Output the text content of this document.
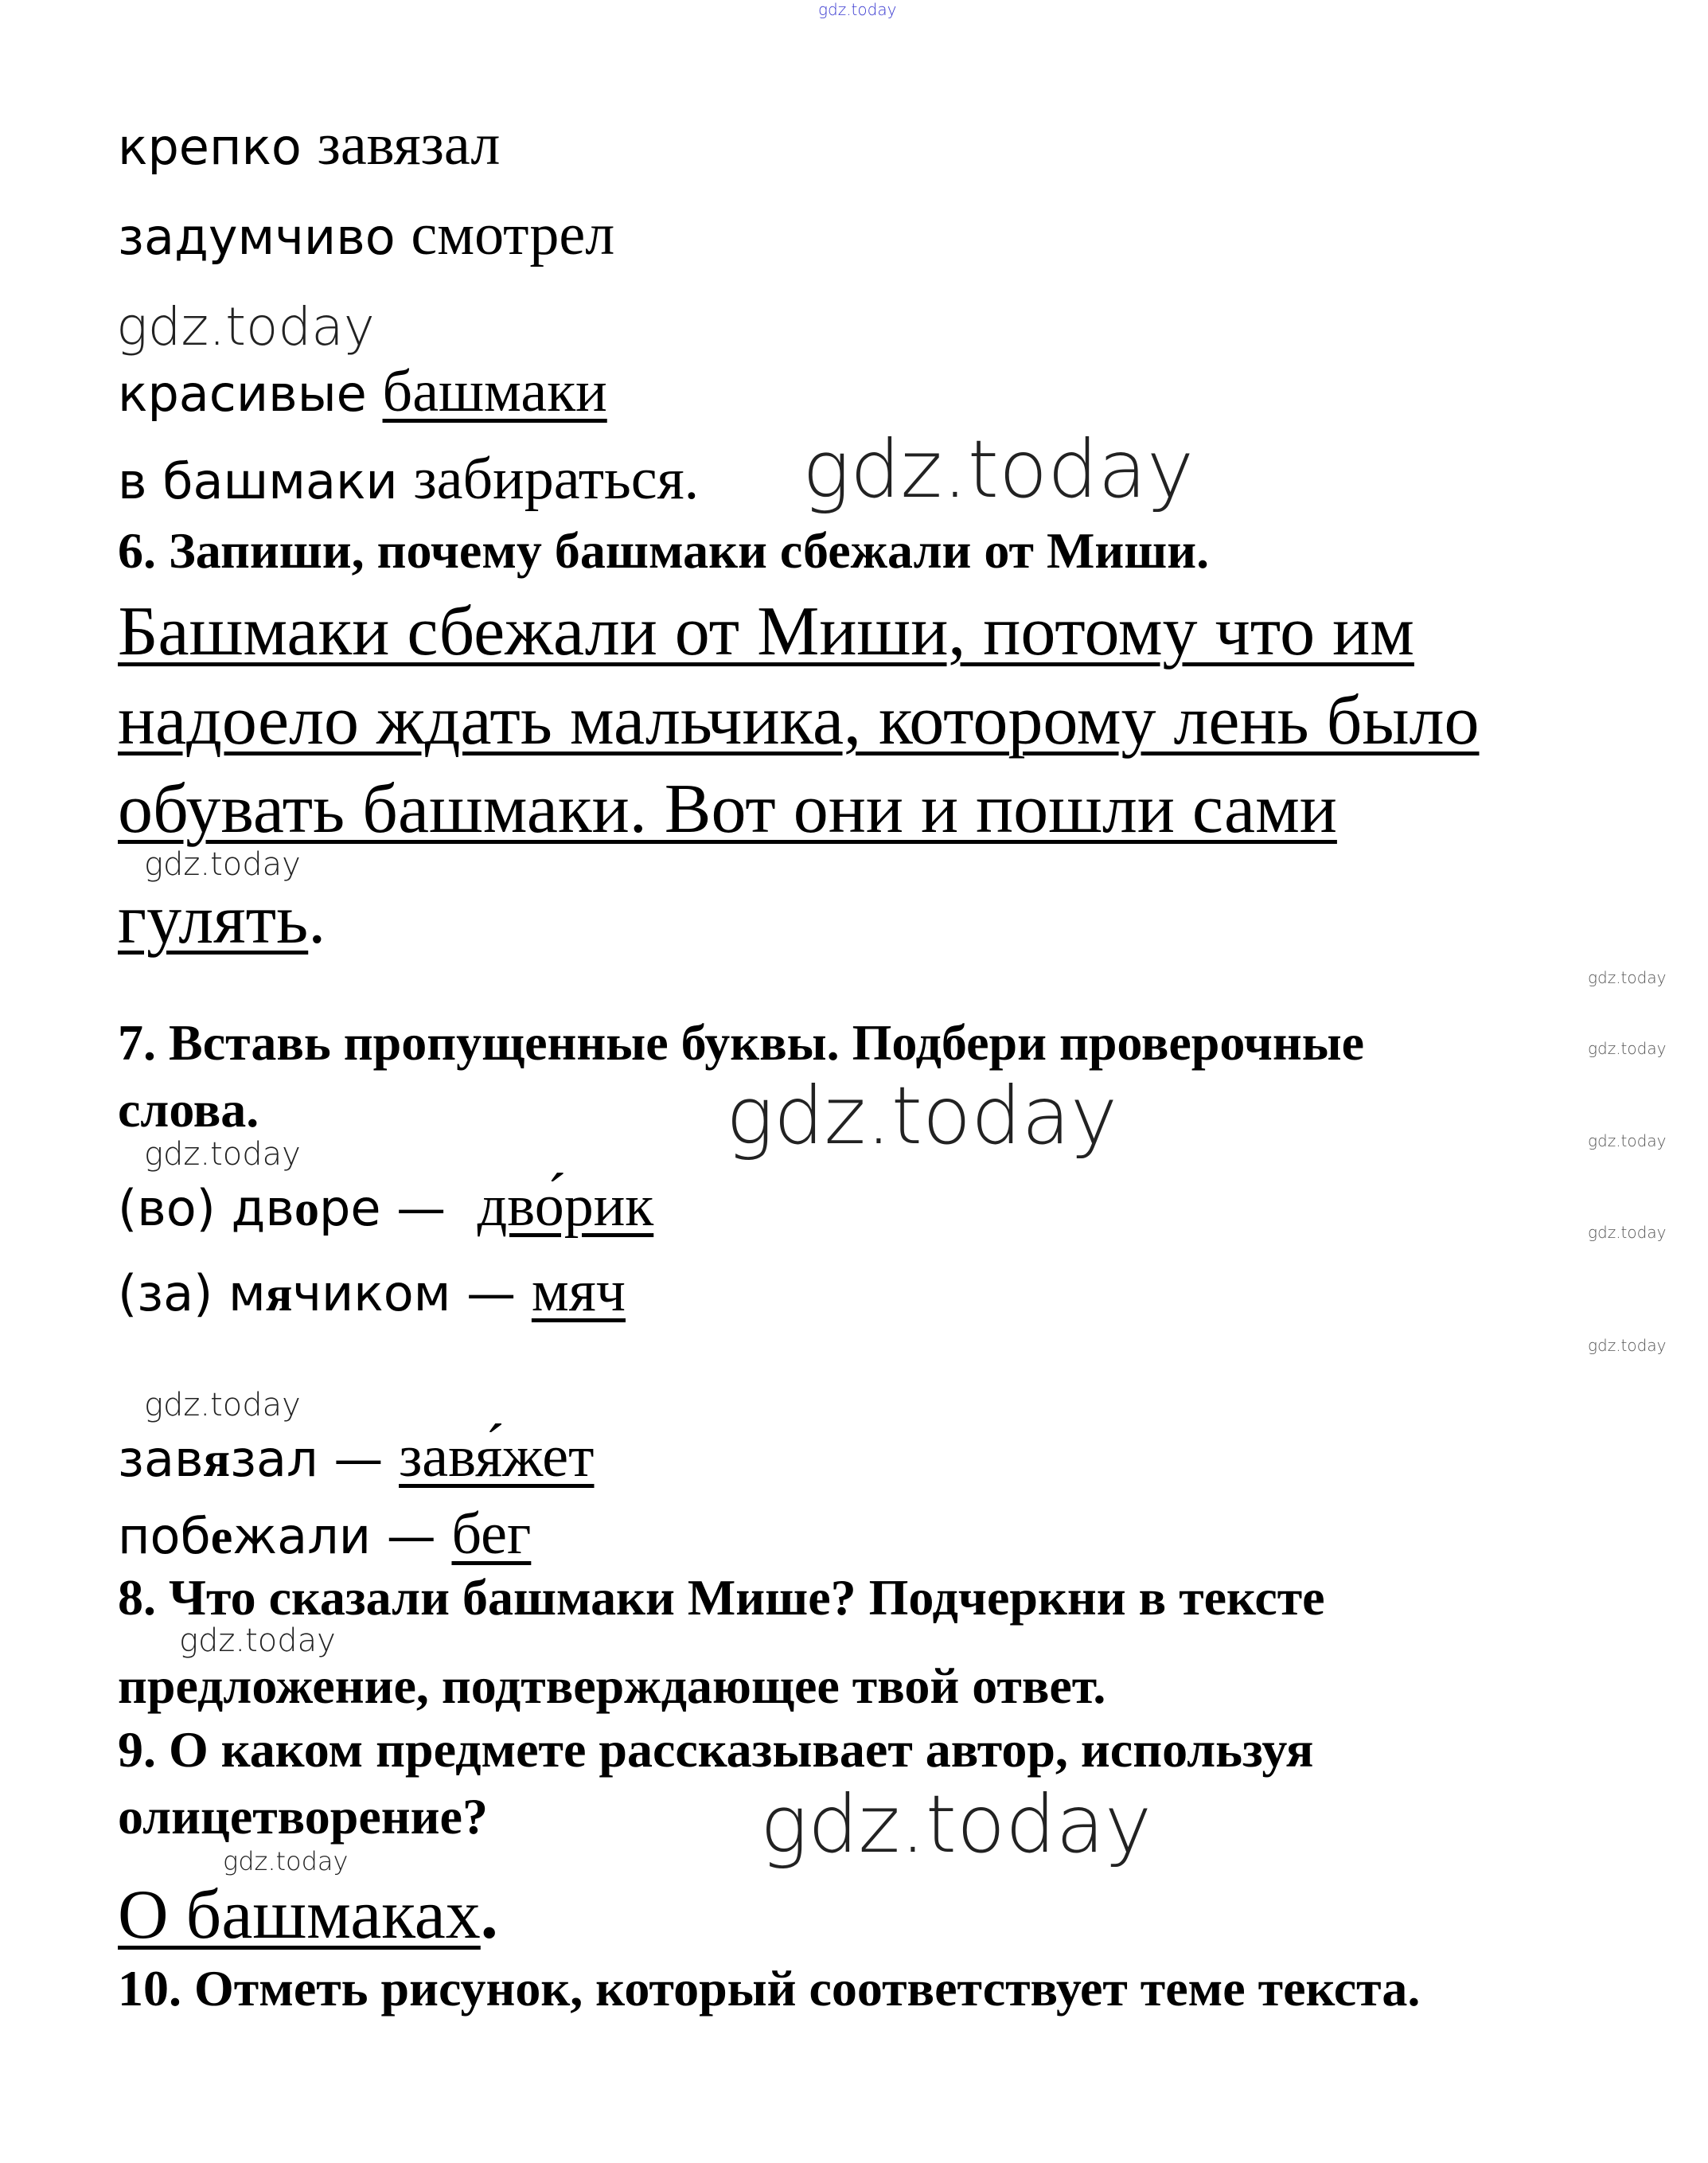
gdz.today
gdz.today
gdz.today
gdz.today
gdz.today
gdz.today
gdz.today
gdz.today
gdz.today
gdz.today
gdz.today
gdz.today
gdz.today
gdz.today
gdz.today
крепко завязал
задумчиво смотрел
красивые башмаки
в башмаки забираться.
6. Запиши, почему башмаки сбежали от Миши.
Башмаки сбежали от Миши, потому что им
надоело ждать мальчика, которому лень было
обувать башмаки. Вот они и пошли сами
гулять.
7. Вставь пропущенные буквы. Подбери проверочные
слова.
(во) дворе — дво́рик
(за) мячиком — мяч
завязал — завя́жет
побежали — бег
8. Что сказали башмаки Мише? Подчеркни в тексте
предложение, подтверждающее твой ответ.
9. О каком предмете рассказывает автор, используя
олицетворение?
О башмаках.
10. Отметь рисунок, который соответствует теме текста.
